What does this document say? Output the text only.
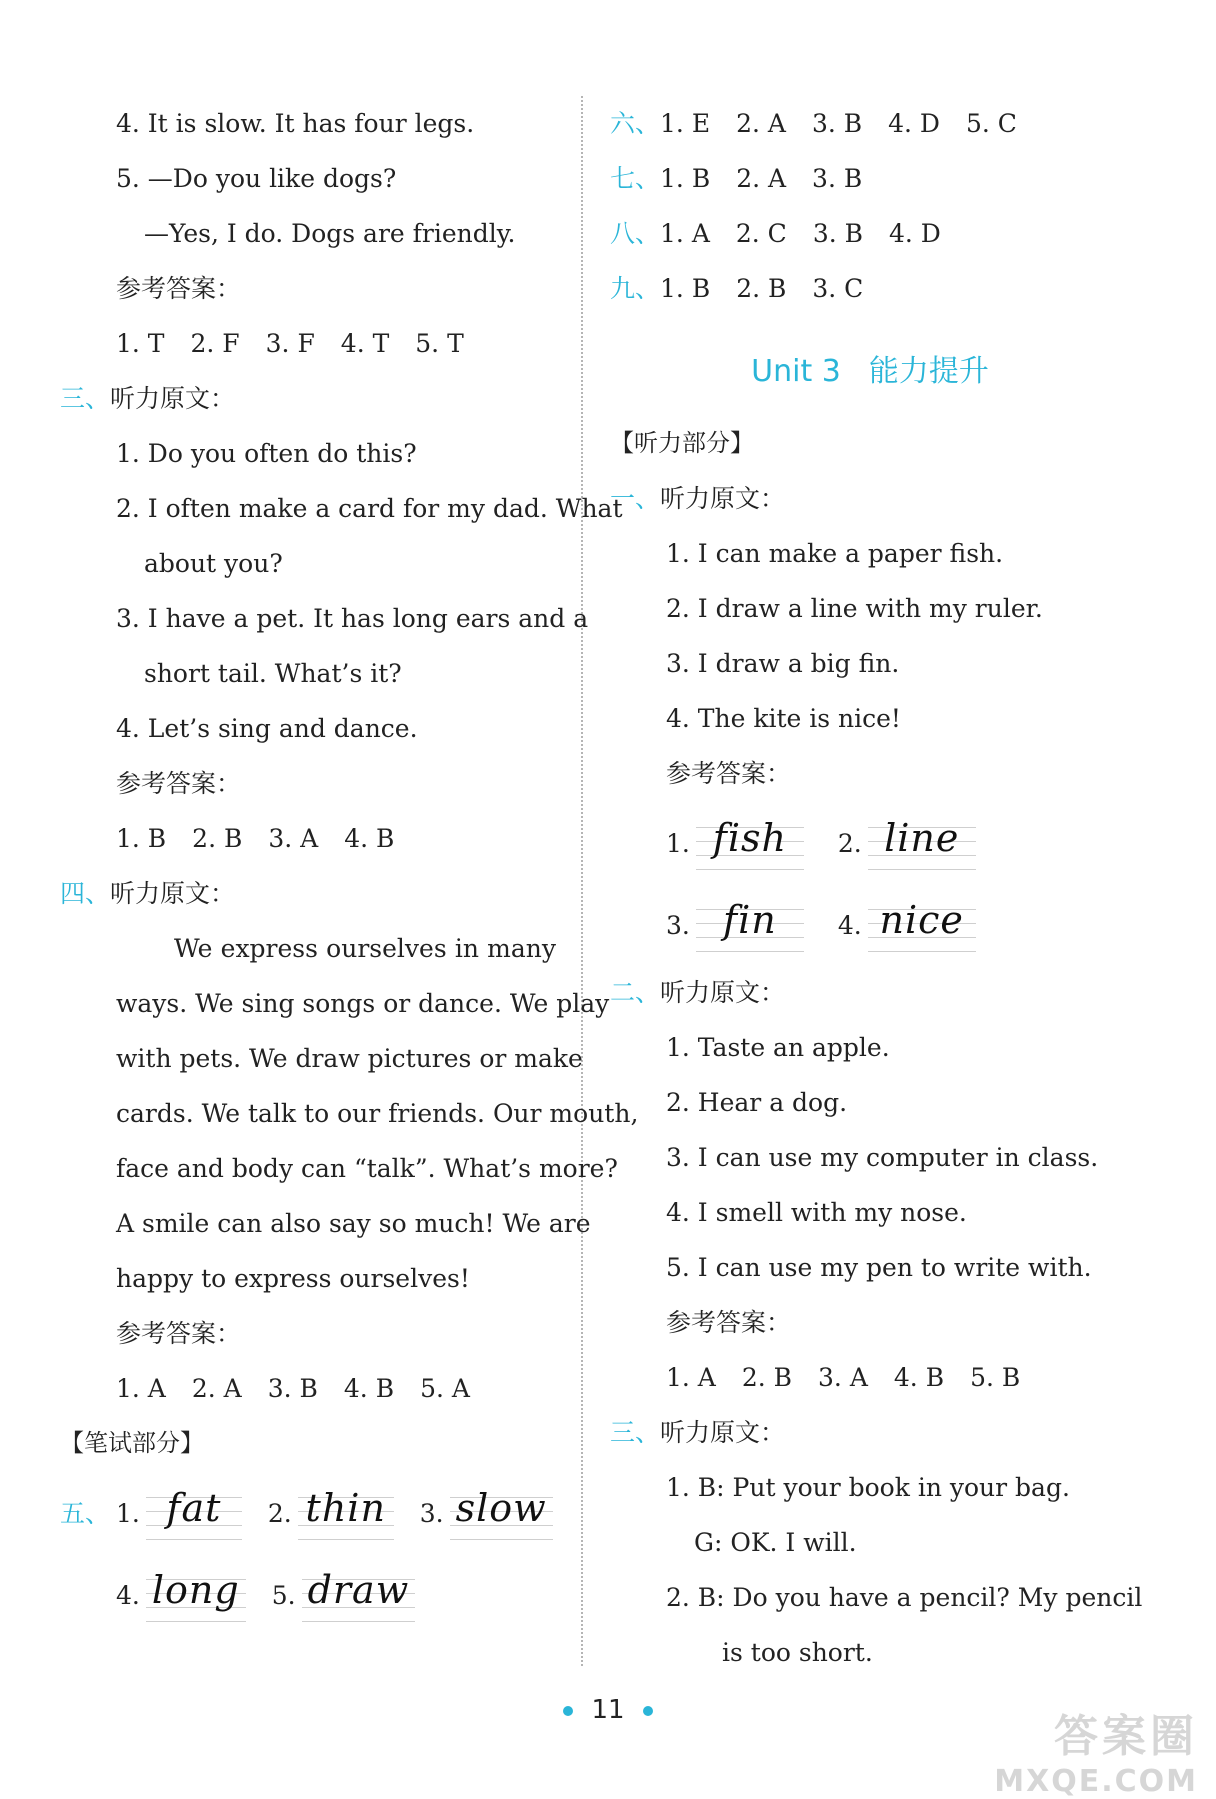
4. It is slow. It has four legs.
5. —Do you like dogs?
—Yes, I do. Dogs are friendly.
参考答案：
1. T 2. F 3. F 4. T 5. T
三、听力原文：
1. Do you often do this?
2. I often make a card for my dad. What
about you?
3. I have a pet. It has long ears and a
short tail. What’s it?
4. Let’s sing and dance.
参考答案：
1. B 2. B 3. A 4. B
四、听力原文：
We express ourselves in many
ways. We sing songs or dance. We play
with pets. We draw pictures or make
cards. We talk to our friends. Our mouth,
face and body can “talk”. What’s more?
A smile can also say so much! We are
happy to express ourselves!
参考答案：
1. A 2. A 3. B 4. B 5. A
【笔试部分】
五、 1. fat	2. thin	3. slow
4. long 5. draw
六、1. E 2. A 3. B 4. D 5. C
七、1. B 2. A 3. B
八、1. A 2. C 3. B 4. D
九、1. B 2. B 3. C
Unit 3 能力提升
【听力部分】
一、听力原文：
1. I can make a paper fish.
2. I draw a line with my ruler.
3. I draw a big fin.
4. The kite is nice!
参考答案：
1. fish	2. line
3. fin	4. nice
二、听力原文：
1. Taste an apple.
2. Hear a dog.
3. I can use my computer in class.
4. I smell with my nose.
5. I can use my pen to write with.
参考答案：
1. A 2. B 3. A 4. B 5. B
三、听力原文：
1. B: Put your book in your bag.
G: OK. I will.
2. B: Do you have a pencil? My pencil
is too short.
11
答案圈
MXQE.COM
